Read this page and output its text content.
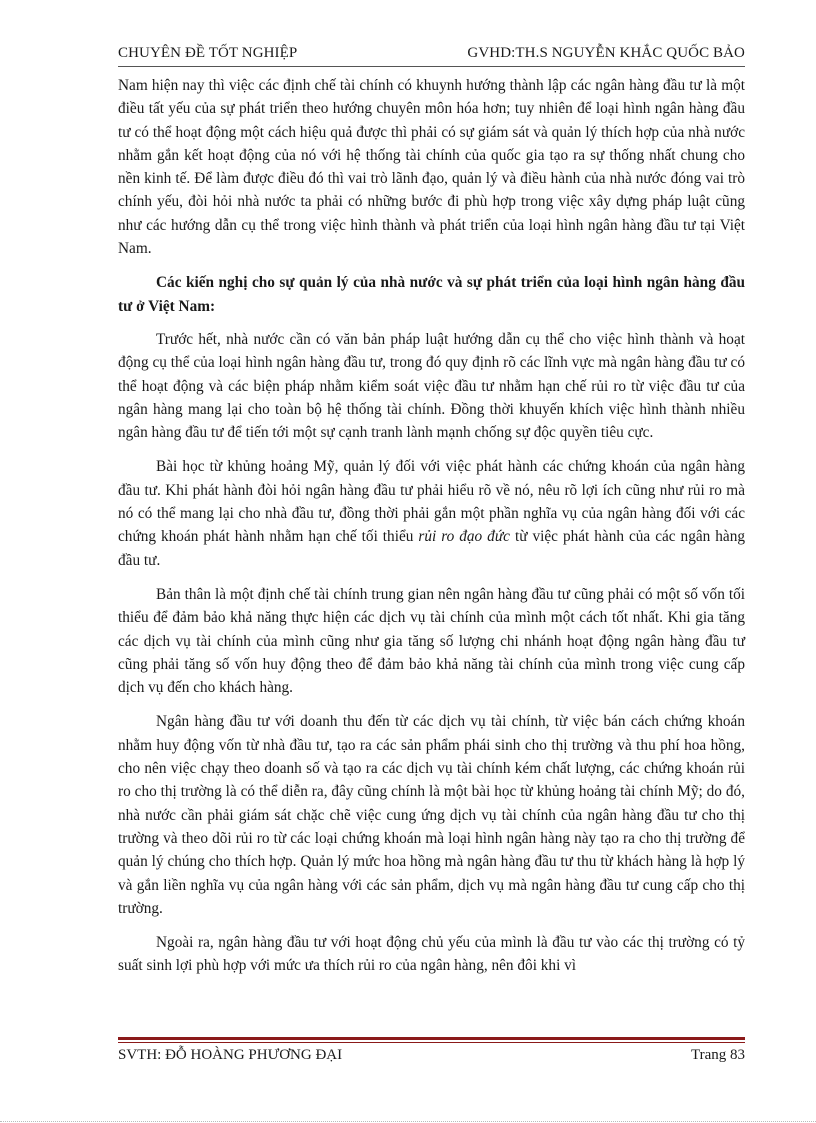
CHUYÊN ĐỀ TỐT NGHIỆP	GVHD:TH.S NGUYỄN KHẮC QUỐC BẢO

Nam hiện nay thì việc các định chế tài chính có khuynh hướng thành lập các ngân hàng đầu tư là một điều tất yếu của sự phát triển theo hướng chuyên môn hóa hơn; tuy nhiên để loại hình ngân hàng đầu tư có thể hoạt động một cách hiệu quả được thì phải có sự giám sát và quản lý thích hợp của nhà nước nhằm gắn kết hoạt động của nó với hệ thống tài chính của quốc gia tạo ra sự thống nhất chung cho nền kinh tế. Để làm được điều đó thì vai trò lãnh đạo, quản lý và điều hành của nhà nước đóng vai trò chính yếu, đòi hỏi nhà nước ta phải có những bước đi phù hợp trong việc xây dựng pháp luật cũng như các hướng dẫn cụ thể trong việc hình thành và phát triển của loại hình ngân hàng đầu tư tại Việt Nam.

Các kiến nghị cho sự quản lý của nhà nước và sự phát triển của loại hình ngân hàng đầu tư ở Việt Nam:

Trước hết, nhà nước cần có văn bản pháp luật hướng dẫn cụ thể cho việc hình thành và hoạt động cụ thể của loại hình ngân hàng đầu tư, trong đó quy định rõ các lĩnh vực mà ngân hàng đầu tư có thể hoạt động và các biện pháp nhằm kiểm soát việc đầu tư nhằm hạn chế rủi ro từ việc đầu tư của ngân hàng mang lại cho toàn bộ hệ thống tài chính. Đồng thời khuyến khích việc hình thành nhiều ngân hàng đầu tư để tiến tới một sự cạnh tranh lành mạnh chống sự độc quyền tiêu cực.

Bài học từ khủng hoảng Mỹ, quản lý đối với việc phát hành các chứng khoán của ngân hàng đầu tư. Khi phát hành đòi hỏi ngân hàng đầu tư phải hiểu rõ về nó, nêu rõ lợi ích cũng như rủi ro mà nó có thể mang lại cho nhà đầu tư, đồng thời phải gắn một phần nghĩa vụ của ngân hàng đối với các chứng khoán phát hành nhằm hạn chế tối thiểu rủi ro đạo đức từ việc phát hành của các ngân hàng đầu tư.

Bản thân là một định chế tài chính trung gian nên ngân hàng đầu tư cũng phải có một số vốn tối thiểu để đảm bảo khả năng thực hiện các dịch vụ tài chính của mình một cách tốt nhất. Khi gia tăng các dịch vụ tài chính của mình cũng như gia tăng số lượng chi nhánh hoạt động ngân hàng đầu tư cũng phải tăng số vốn huy động theo để đảm bảo khả năng tài chính của mình trong việc cung cấp dịch vụ đến cho khách hàng.

Ngân hàng đầu tư với doanh thu đến từ các dịch vụ tài chính, từ việc bán cách chứng khoán nhằm huy động vốn từ nhà đầu tư, tạo ra các sản phẩm phái sinh cho thị trường và thu phí hoa hồng, cho nên việc chạy theo doanh số và tạo ra các dịch vụ tài chính kém chất lượng, các chứng khoán rủi ro cho thị trường là có thể diễn ra, đây cũng chính là một bài học từ khủng hoảng tài chính Mỹ; do đó, nhà nước cần phải giám sát chặc chẽ việc cung ứng dịch vụ tài chính của ngân hàng đầu tư cho thị trường và theo dõi rủi ro từ các loại chứng khoán mà loại hình ngân hàng này tạo ra cho thị trường để quản lý chúng cho thích hợp. Quản lý mức hoa hồng mà ngân hàng đầu tư thu từ khách hàng là hợp lý và gắn liền nghĩa vụ của ngân hàng với các sản phẩm, dịch vụ mà ngân hàng đầu tư cung cấp cho thị trường.

Ngoài ra, ngân hàng đầu tư với hoạt động chủ yếu của mình là đầu tư vào các thị trường có tỷ suất sinh lợi phù hợp với mức ưa thích rủi ro của ngân hàng, nên đôi khi vì

SVTH: ĐỖ HOÀNG PHƯƠNG ĐẠI	Trang 83
